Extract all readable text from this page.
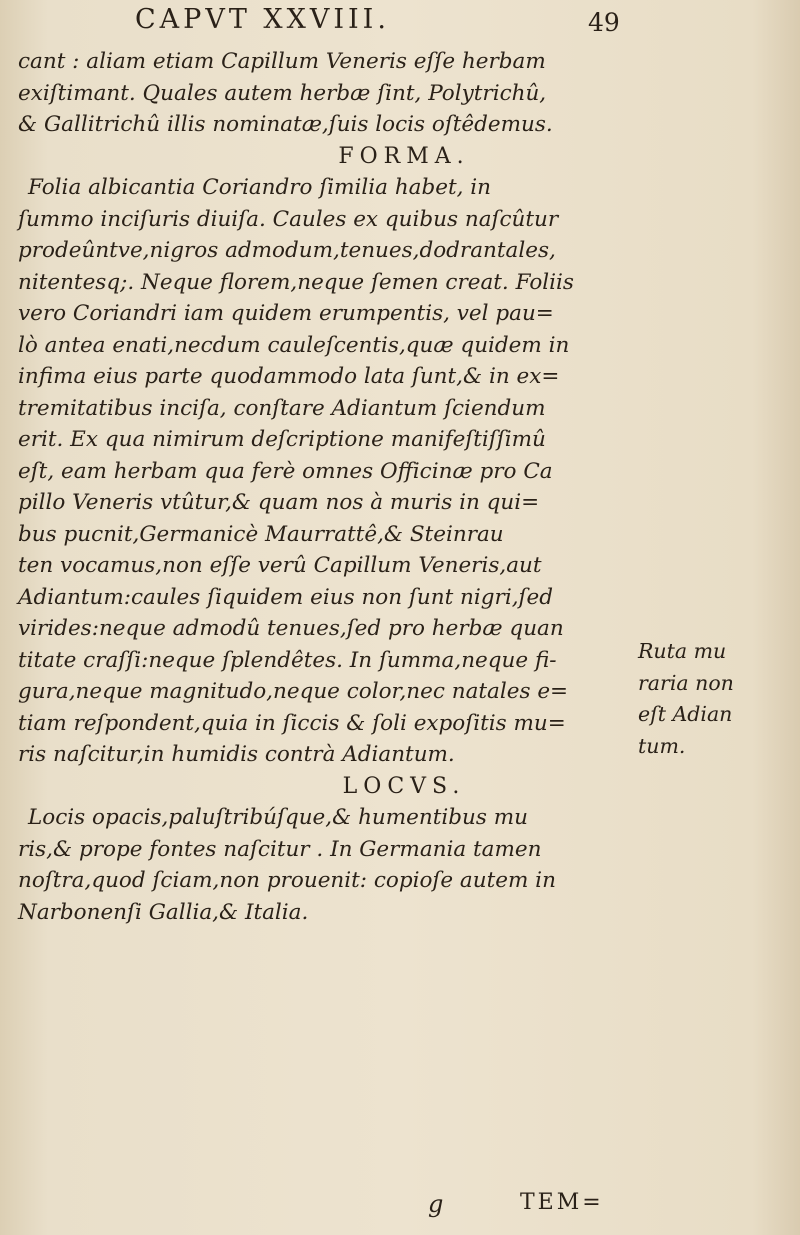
CAPVT XXVIII.	49
cant : aliam etiam Capillum Veneris eſſe herbam
exiſtimant. Quales autem herbæ ſint, Polytrichû,
& Gallitrichû illis nominatæ,ſuis locis oſtêdemus.
FORMA.
Folia albicantia Coriandro ſimilia habet, in
ſummo inciſuris diuiſa. Caules ex quibus naſcûtur
prodeûntve,nigros admodum,tenues,dodrantales,
nitentesq;. Neque florem,neque ſemen creat. Foliis
vero Coriandri iam quidem erumpentis, vel pau=
lò antea enati,necdum cauleſcentis,quæ quidem in
infima eius parte quodammodo lata ſunt,& in ex=
tremitatibus inciſa, conſtare Adiantum ſciendum
erit. Ex qua nimirum deſcriptione manifeſtiſſimû
eſt, eam herbam qua ferè omnes Officinæ pro Ca
pillo Veneris vtûtur,& quam nos à muris in qui=
bus pucnit,Germanicè Maurrattê,& Steinrau
ten vocamus,non eſſe verû Capillum Veneris,aut
Adiantum:caules ſiquidem eius non ſunt nigri,ſed
virides:neque admodû tenues,ſed pro herbæ quan
titate craſſi:neque ſplendêtes. In ſumma,neque fi-
gura,neque magnitudo,neque color,nec natales e=
tiam reſpondent,quia in ſiccis & ſoli expoſitis mu=
ris naſcitur,in humidis contrà Adiantum.
LOCVS.
Locis opacis,paluſtribúſque,& humentibus mu
ris,& prope fontes naſcitur . In Germania tamen
noſtra,quod ſciam,non prouenit: copioſe autem in
Narbonenſi Gallia,& Italia.
Ruta mu
raria non
eſt Adian
tum.
g	TEM=
